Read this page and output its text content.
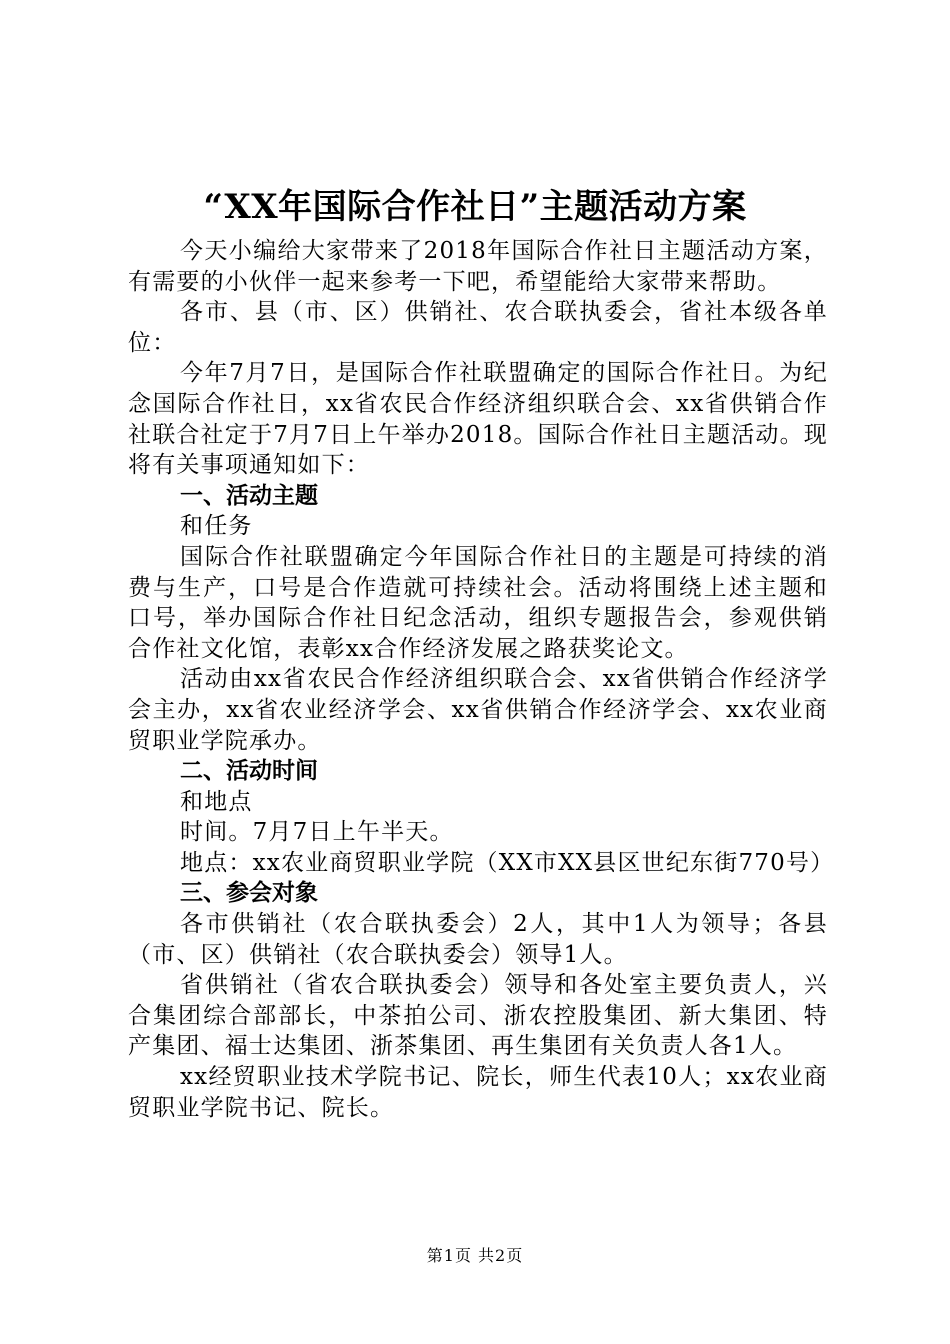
“XX年国际合作社日”主题活动方案

今天小编给大家带来了2018年国际合作社日主题活动方案，有需要的小伙伴一起来参考一下吧，希望能给大家带来帮助。

各市、县（市、区）供销社、农合联执委会，省社本级各单位：

今年7月7日，是国际合作社联盟确定的国际合作社日。为纪念国际合作社日，xx省农民合作经济组织联合会、xx省供销合作社联合社定于7月7日上午举办2018。国际合作社日主题活动。现将有关事项通知如下：

一、活动主题

和任务

国际合作社联盟确定今年国际合作社日的主题是可持续的消费与生产，口号是合作造就可持续社会。活动将围绕上述主题和口号，举办国际合作社日纪念活动，组织专题报告会，参观供销合作社文化馆，表彰xx合作经济发展之路获奖论文。

活动由xx省农民合作经济组织联合会、xx省供销合作经济学会主办，xx省农业经济学会、xx省供销合作经济学会、xx农业商贸职业学院承办。

二、活动时间

和地点

时间。7月7日上午半天。

地点：xx农业商贸职业学院（XX市XX县区世纪东街770号）

三、参会对象

各市供销社（农合联执委会）2人，其中1人为领导；各县（市、区）供销社（农合联执委会）领导1人。

省供销社（省农合联执委会）领导和各处室主要负责人，兴合集团综合部部长，中茶拍公司、浙农控股集团、新大集团、特产集团、福士达集团、浙茶集团、再生集团有关负责人各1人。

xx经贸职业技术学院书记、院长，师生代表10人；xx农业商贸职业学院书记、院长。

第1页 共2页
